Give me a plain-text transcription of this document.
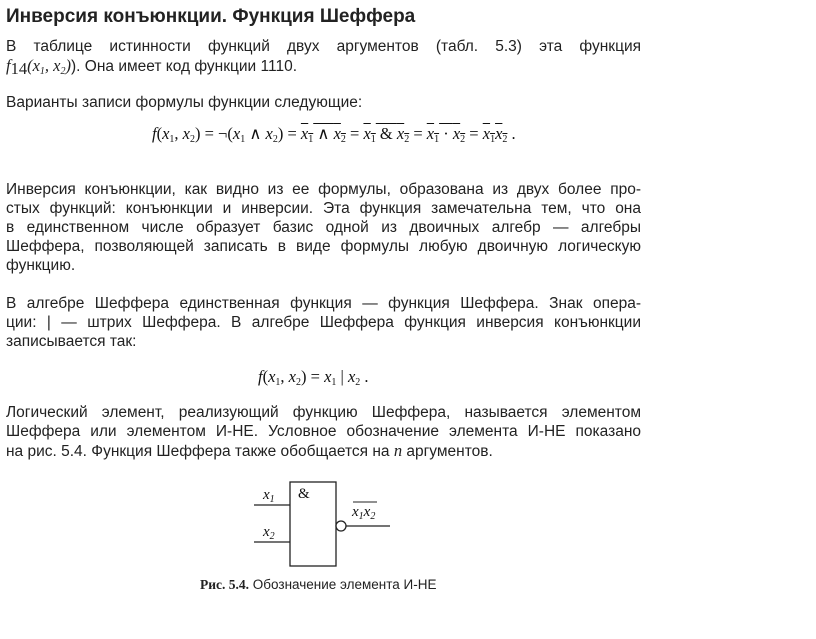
Инверсия конъюнкции. Функция Шеффера
В таблице истинности функций двух аргументов (табл. 5.3) эта функция
$f_{14}(x_1$, $x_2$)). Она имеет код функции 1110.
Варианты записи формулы функции следующие:
$f(x_1$, $x_2$) = $\neg(x_1$ ∧ $x_2) = x_1$ ∧ $x_2 = x_1$ & $x_2 = x_1 \cdot x_2 = x_1x_2$ .
Инверсия конъюнкции, как видно из ее формулы, образована из двух более про-
стых функций: конъюнкции и инверсии. Эта функция замечательна тем, что она
в единственном числе образует базис одной из двоичных алгебр — алгебры
Шеффера, позволяющей записать в виде формулы любую двоичную логическую
функцию.
В алгебре Шеффера единственная функция — функция Шеффера. Знак опера-
ции: | — штрих Шеффера. В алгебре Шеффера функция инверсия конъюнкции
записывается так:
$f(x_1$, $x_2) = x_1$ | $x_2$ .
Логический элемент, реализующий функцию Шеффера, называется элементом
Шеффера или элементом И-НЕ. Условное обозначение элемента И-НЕ показано
на рис. 5.4. Функция Шеффера также обобщается на n аргументов.
$x_1$
$x_2$
&
$x_1x_2$
Рис. 5.4. Обозначение элемента И-НЕ
